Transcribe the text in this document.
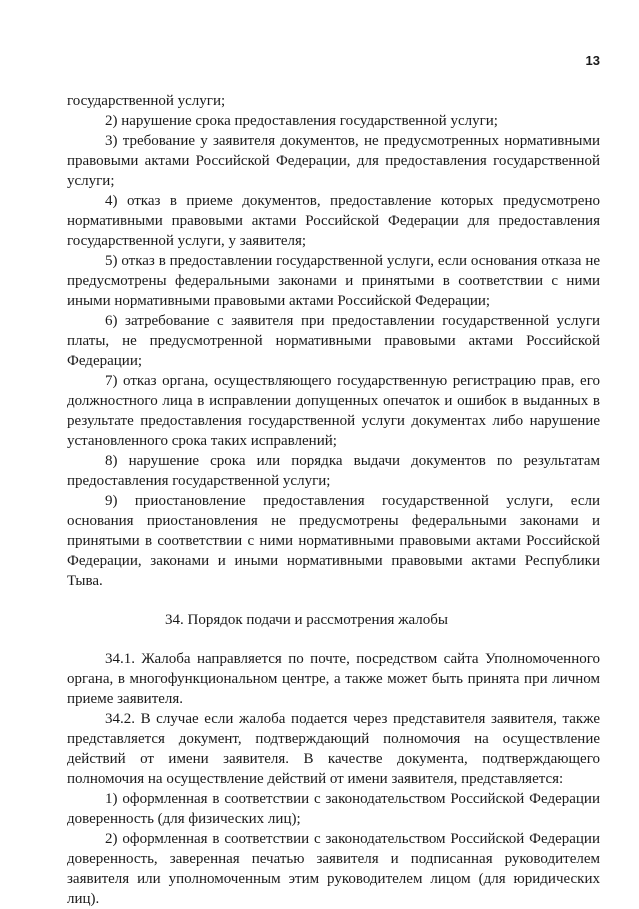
13

государственной услуги;

2) нарушение срока предоставления государственной услуги;

3) требование у заявителя документов, не предусмотренных нормативными правовыми актами Российской Федерации, для предоставления государственной услуги;

4) отказ в приеме документов, предоставление которых предусмотрено нормативными правовыми актами Российской Федерации для предоставления государственной услуги, у заявителя;

5) отказ в предоставлении государственной услуги, если основания отказа не предусмотрены федеральными законами и принятыми в соответствии с ними иными нормативными правовыми актами Российской Федерации;

6) затребование с заявителя при предоставлении государственной услуги платы, не предусмотренной нормативными правовыми актами Российской Федерации;

7) отказ органа, осуществляющего государственную регистрацию прав, его должностного лица в исправлении допущенных опечаток и ошибок в выданных в результате предоставления государственной услуги документах либо нарушение установленного срока таких исправлений;

8) нарушение срока или порядка выдачи документов по результатам предоставления государственной услуги;

9) приостановление предоставления государственной услуги, если основания приостановления не предусмотрены федеральными законами и принятыми в соответствии с ними нормативными правовыми актами Российской Федерации, законами и иными нормативными правовыми актами Республики Тыва.

34. Порядок подачи и рассмотрения жалобы

34.1. Жалоба направляется по почте, посредством сайта Уполномоченного органа, в многофункциональном центре, а также может быть принята при личном приеме заявителя.

34.2. В случае если жалоба подается через представителя заявителя, также представляется документ, подтверждающий полномочия на осуществление действий от имени заявителя. В качестве документа, подтверждающего полномочия на осуществление действий от имени заявителя, представляется:

1) оформленная в соответствии с законодательством Российской Федерации доверенность (для физических лиц);

2) оформленная в соответствии с законодательством Российской Федерации доверенность, заверенная печатью заявителя и подписанная руководителем заявителя или уполномоченным этим руководителем лицом (для юридических лиц).
